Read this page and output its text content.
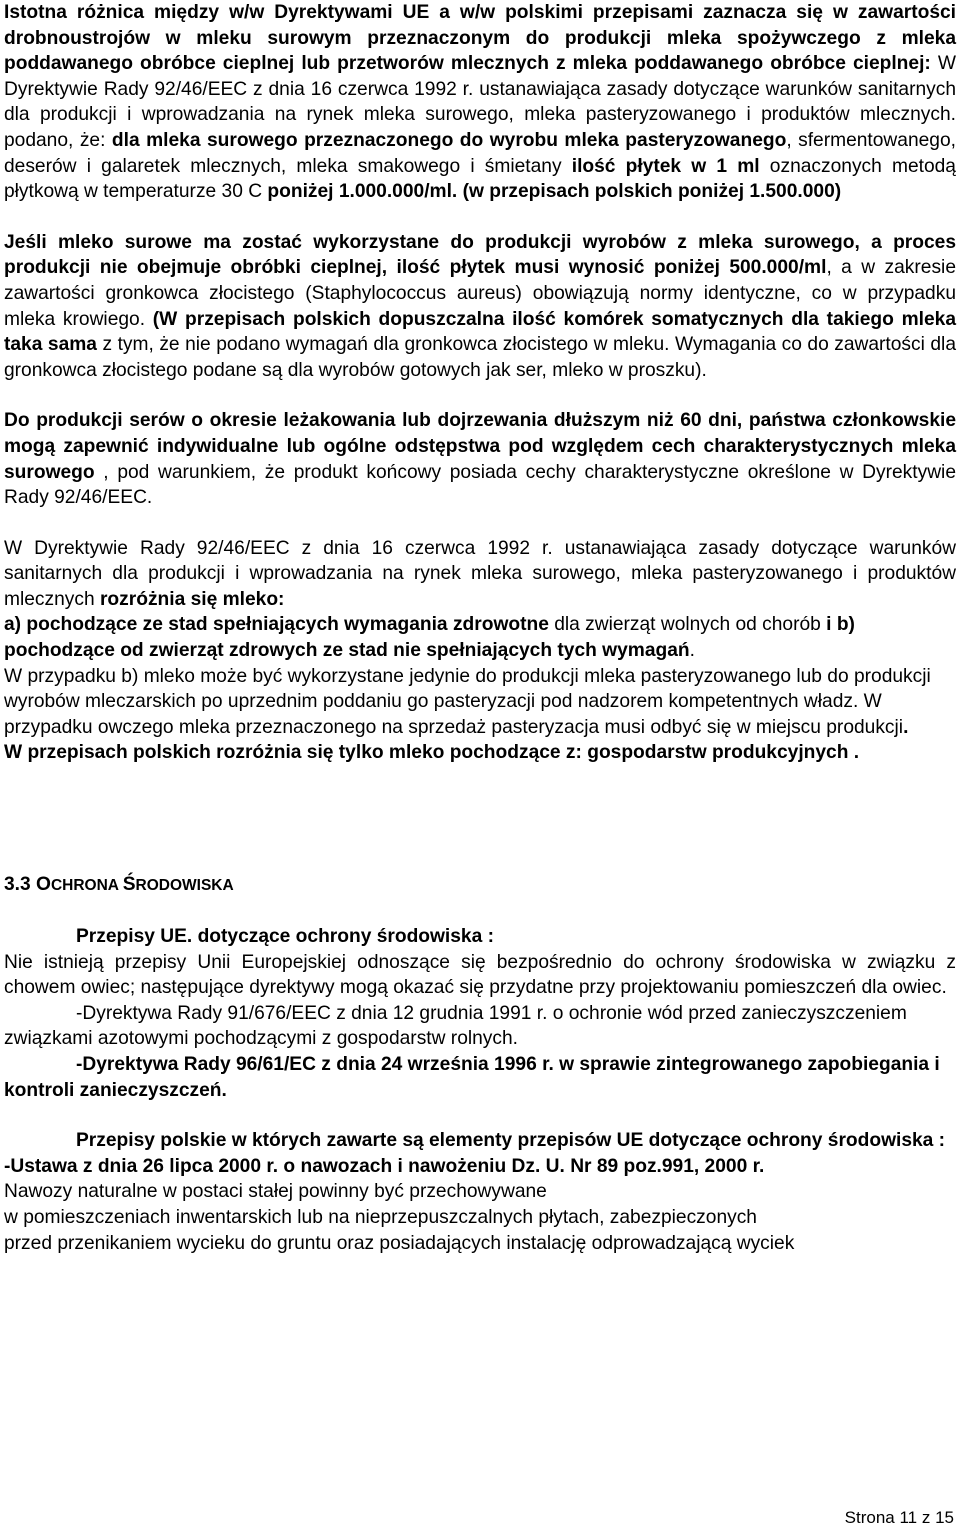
Istotna różnica między w/w Dyrektywami UE a w/w polskimi przepisami zaznacza się w zawartości drobnoustrojów w mleku surowym przeznaczonym do produkcji mleka spożywczego z mleka poddawanego obróbce cieplnej lub przetworów mlecznych z mleka poddawanego obróbce cieplnej: W Dyrektywie Rady 92/46/EEC z dnia 16 czerwca 1992 r. ustanawiająca zasady dotyczące warunków sanitarnych dla produkcji i wprowadzania na rynek mleka surowego, mleka pasteryzowanego i produktów mlecznych. podano, że: dla mleka surowego przeznaczonego do wyrobu mleka pasteryzowanego, sfermentowanego, deserów i galaretek mlecznych, mleka smakowego i śmietany ilość płytek w 1 ml oznaczonych metodą płytkową w temperaturze 30 C poniżej 1.000.000/ml. (w przepisach polskich poniżej 1.500.000)

Jeśli mleko surowe ma zostać wykorzystane do produkcji wyrobów z mleka surowego, a proces produkcji nie obejmuje obróbki cieplnej, ilość płytek musi wynosić poniżej 500.000/ml, a w zakresie zawartości gronkowca złocistego (Staphylococcus aureus) obowiązują normy identyczne, co w przypadku mleka krowiego. (W przepisach polskich dopuszczalna ilość komórek somatycznych dla takiego mleka taka sama z tym, że nie podano wymagań dla gronkowca złocistego w mleku. Wymagania co do zawartości dla gronkowca złocistego podane są dla wyrobów gotowych jak ser, mleko w proszku).

Do produkcji serów o okresie leżakowania lub dojrzewania dłuższym niż 60 dni, państwa członkowskie mogą zapewnić indywidualne lub ogólne odstępstwa pod względem cech charakterystycznych mleka surowego , pod warunkiem, że produkt końcowy posiada cechy charakterystyczne określone w Dyrektywie Rady 92/46/EEC.

W Dyrektywie Rady 92/46/EEC z dnia 16 czerwca 1992 r. ustanawiająca zasady dotyczące warunków sanitarnych dla produkcji i wprowadzania na rynek mleka surowego, mleka pasteryzowanego i produktów mlecznych rozróżnia się mleko:

a) pochodzące ze stad spełniających wymagania zdrowotne dla zwierząt wolnych od chorób i b) pochodzące od zwierząt zdrowych ze stad nie spełniających tych wymagań.

W przypadku b) mleko może być wykorzystane jedynie do produkcji mleka pasteryzowanego lub do produkcji wyrobów mleczarskich po uprzednim poddaniu go pasteryzacji pod nadzorem kompetentnych władz. W przypadku owczego mleka przeznaczonego na sprzedaż pasteryzacja musi odbyć się w miejscu produkcji.

W przepisach polskich rozróżnia się tylko mleko pochodzące z: gospodarstw produkcyjnych .

3.3 OCHRONA ŚRODOWISKA

Przepisy UE. dotyczące ochrony środowiska :

Nie istnieją przepisy Unii Europejskiej odnoszące się bezpośrednio do ochrony środowiska w związku z chowem owiec; następujące dyrektywy mogą okazać się przydatne przy projektowaniu pomieszczeń dla owiec.

-Dyrektywa Rady 91/676/EEC z dnia 12 grudnia 1991 r. o ochronie wód przed zanieczyszczeniem związkami azotowymi pochodzącymi z gospodarstw rolnych.

-Dyrektywa Rady 96/61/EC z dnia 24 września 1996 r. w sprawie zintegrowanego zapobiegania i kontroli zanieczyszczeń.

Przepisy polskie w których zawarte są elementy przepisów UE dotyczące ochrony środowiska :

-Ustawa z dnia 26 lipca 2000 r. o nawozach i nawożeniu Dz. U. Nr 89 poz.991, 2000 r.

Nawozy naturalne w postaci stałej powinny być przechowywane

w pomieszczeniach inwentarskich lub na nieprzepuszczalnych płytach, zabezpieczonych

przed przenikaniem wycieku do gruntu oraz posiadających instalację odprowadzającą wyciek

Strona 11 z 15
